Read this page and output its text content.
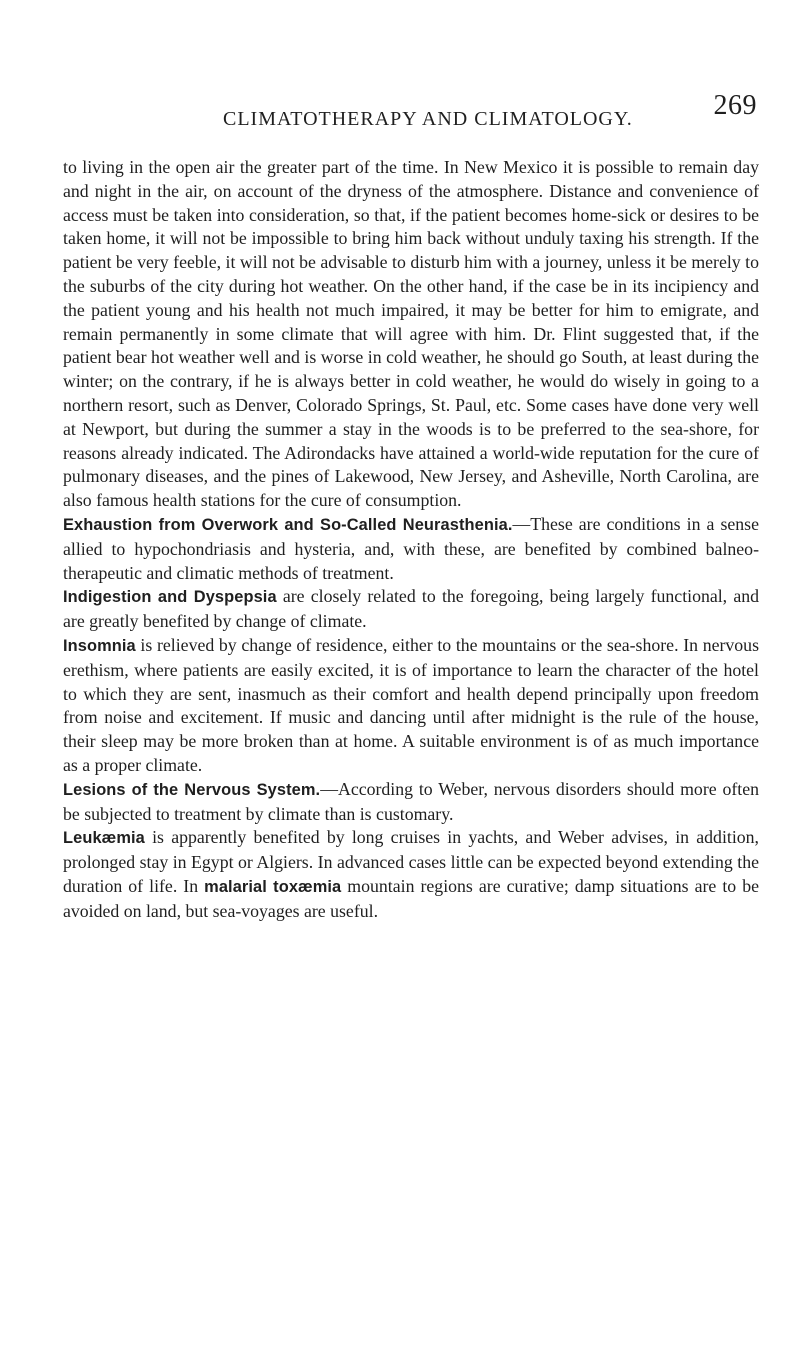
CLIMATOTHERAPY AND CLIMATOLOGY.	269

to living in the open air the greater part of the time. In New Mexico it is possible to remain day and night in the air, on account of the dryness of the atmosphere. Distance and convenience of access must be taken into consideration, so that, if the patient becomes home-sick or desires to be taken home, it will not be impossible to bring him back without unduly taxing his strength. If the patient be very feeble, it will not be advisable to disturb him with a journey, unless it be merely to the suburbs of the city during hot weather. On the other hand, if the case be in its incipiency and the patient young and his health not much impaired, it may be better for him to emigrate, and remain permanently in some climate that will agree with him. Dr. Flint suggested that, if the patient bear hot weather well and is worse in cold weather, he should go South, at least during the winter; on the contrary, if he is always better in cold weather, he would do wisely in going to a northern resort, such as Denver, Colorado Springs, St. Paul, etc. Some cases have done very well at Newport, but during the summer a stay in the woods is to be preferred to the sea-shore, for reasons already indicated. The Adirondacks have attained a world-wide reputation for the cure of pulmonary diseases, and the pines of Lakewood, New Jersey, and Asheville, North Carolina, are also famous health stations for the cure of consumption.

Exhaustion from Overwork and So-Called Neurasthenia.—These are conditions in a sense allied to hypochondriasis and hysteria, and, with these, are benefited by combined balneo-therapeutic and climatic methods of treatment.

Indigestion and Dyspepsia are closely related to the foregoing, being largely functional, and are greatly benefited by change of climate.

Insomnia is relieved by change of residence, either to the mountains or the sea-shore. In nervous erethism, where patients are easily excited, it is of importance to learn the character of the hotel to which they are sent, inasmuch as their comfort and health depend principally upon freedom from noise and excitement. If music and dancing until after midnight is the rule of the house, their sleep may be more broken than at home. A suitable environment is of as much importance as a proper climate.

Lesions of the Nervous System.—According to Weber, nervous disorders should more often be subjected to treatment by climate than is customary.

Leukæmia is apparently benefited by long cruises in yachts, and Weber advises, in addition, prolonged stay in Egypt or Algiers. In advanced cases little can be expected beyond extending the duration of life. In malarial toxæmia mountain regions are curative; damp situations are to be avoided on land, but sea-voyages are useful.
